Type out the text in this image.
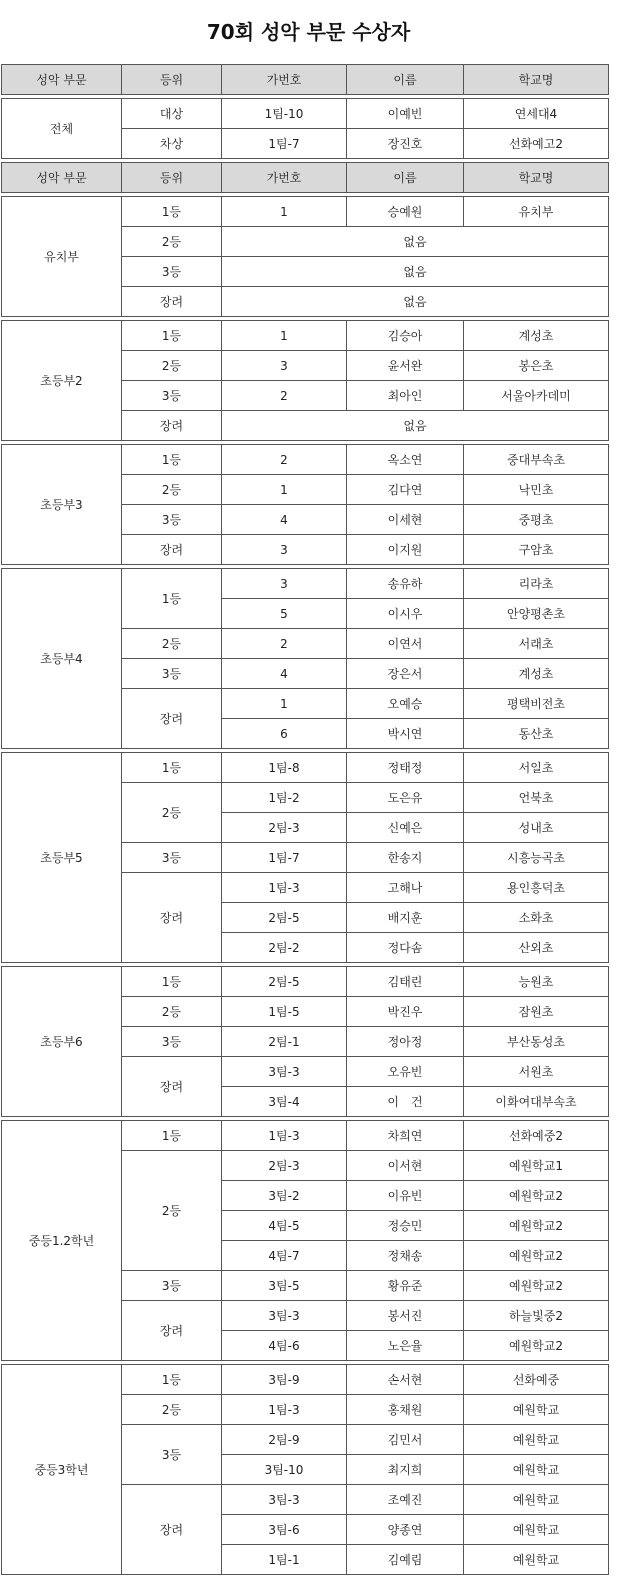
70회 성악 부문 수상자
성악 부문	등위	가번호	이름	학교명

전체	대상	1팀-10	이예빈	연세대4
	차상	1팀-7	장진호	선화예고2

성악 부문	등위	가번호	이름	학교명

유치부	1등	1	승예원	유치부
	2등	없음		
	3등	없음		
	장려	없음		

초등부2	1등	1	김승아	계성초
	2등	3	윤서완	봉은초
	3등	2	최아인	서울아카데미
	장려	없음		

초등부3	1등	2	옥소연	중대부속초
	2등	1	김다연	낙민초
	3등	4	이세현	중평초
	장려	3	이지원	구암초

초등부4	1등	3	송유하	리라초
		5	이시우	안양평촌초
	2등	2	이연서	서래초
	3등	4	장은서	계성초
	장려	1	오예승	평택비전초
		6	박시연	동산초

초등부5	1등	1팀-8	정태정	서일초
	2등	1팀-2	도은유	언북초
		2팀-3	신예은	성내초
	3등	1팀-7	한송지	시흥능곡초
	장려	1팀-3	고해나	용인흥덕초
		2팀-5	배지훈	소화초
		2팀-2	정다솜	산외초

초등부6	1등	2팀-5	김태린	능원초
	2등	1팀-5	박진우	잠원초
	3등	2팀-1	정아정	부산동성초
	장려	3팀-3	오유빈	서원초
		3팀-4	이　건	이화여대부속초

중등1.2학년	1등	1팀-3	차희연	선화예중2
	2등	2팀-3	이서현	예원학교1
		3팀-2	이유빈	예원학교2
		4팀-5	정승민	예원학교2
		4팀-7	정채송	예원학교2
	3등	3팀-5	황유준	예원학교2
	장려	3팀-3	봉서진	하늘빛중2
		4팀-6	노은율	예원학교2

중등3학년	1등	3팀-9	손서현	선화예중
	2등	1팀-3	홍채원	예원학교
	3등	2팀-9	김민서	예원학교
		3팀-10	최지희	예원학교
	장려	3팀-3	조예진	예원학교
		3팀-6	양종연	예원학교
		1팀-1	김예림	예원학교
